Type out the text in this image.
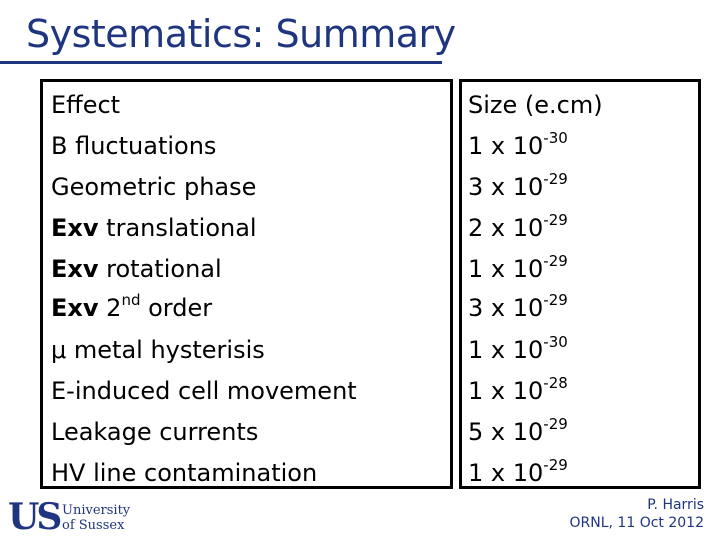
Systematics: Summary
Effect
B fluctuations
Geometric phase
Exv translational
Exv rotational
Exv 2nd order
μ metal hysterisis
E-induced cell movement
Leakage currents
HV line contamination
Size (e.cm)
1 x $10^{-30}$
3 x $10^{-29}$
2 x $10^{-29}$
1 x $10^{-29}$
3 x $10^{-29}$
1 x $10^{-30}$
1 x $10^{-28}$
5 x $10^{-29}$
1 x $10^{-29}$
US University
of Sussex
P. Harris
ORNL, 11 Oct 2012
